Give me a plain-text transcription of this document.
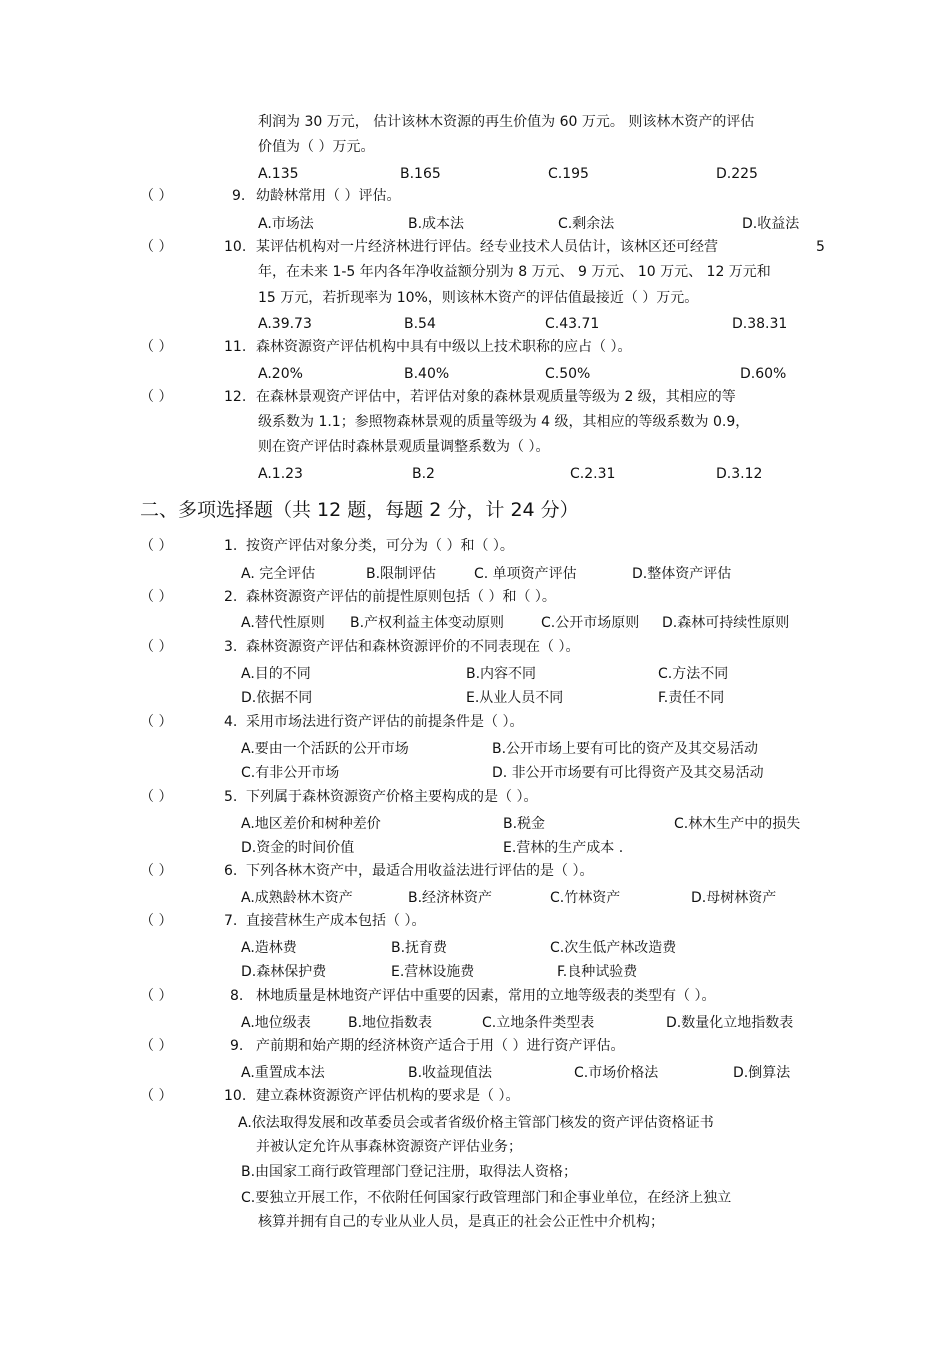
利润为 30 万元， 估计该林木资源的再生价值为 60 万元。 则该林木资产的评估
价值为（ ）万元。
A.135	B.165	C.195	D.225
（ ）	9. 幼龄林常用（ ）评估。
A.市场法	B.成本法	C.剩余法	D.收益法
（ ）	10. 某评估机构对一片经济林进行评估。经专业技术人员估计，该林区还可经营	5
年，在未来 1-5 年内各年净收益额分别为 8 万元、 9 万元、 10 万元、 12 万元和
15 万元，若折现率为 10%，则该林木资产的评估值最接近（ ）万元。
A.39.73	B.54	C.43.71	D.38.31
（ ）	11. 森林资源资产评估机构中具有中级以上技术职称的应占（ ）。
A.20%	B.40%	C.50%	D.60%
（ ）	12. 在森林景观资产评估中，若评估对象的森林景观质量等级为 2 级，其相应的等
级系数为 1.1；参照物森林景观的质量等级为 4 级，其相应的等级系数为 0.9，
则在资产评估时森林景观质量调整系数为（ ）。
A.1.23	B.2	C.2.31	D.3.12
二、多项选择题（共 12 题，每题 2 分，计 24 分）
（ ）	1. 按资产评估对象分类，可分为（ ）和（ ）。
A. 完全评估	B.限制评估	C. 单项资产评估	D.整体资产评估
（ ）	2. 森林资源资产评估的前提性原则包括（ ）和（ ）。
A.替代性原则 B.产权利益主体变动原则	C.公开市场原则 D.森林可持续性原则
（ ）	3. 森林资源资产评估和森林资源评价的不同表现在（ ）。
A.目的不同	B.内容不同	C.方法不同
D.依据不同	E.从业人员不同	F.责任不同
（ ）	4. 采用市场法进行资产评估的前提条件是（ ）。
A.要由一个活跃的公开市场	B.公开市场上要有可比的资产及其交易活动
C.有非公开市场	D. 非公开市场要有可比得资产及其交易活动
（ ）	5. 下列属于森林资源资产价格主要构成的是（ ）。
A.地区差价和树种差价	B.税金	C.林木生产中的损失
D.资金的时间价值	E.营林的生产成本 .
（ ）	6. 下列各林木资产中，最适合用收益法进行评估的是（ ）。
A.成熟龄林木资产	B.经济林资产	C.竹林资产	D.母树林资产
（ ）	7. 直接营林生产成本包括（ ）。
A.造林费	B.抚育费	C.次生低产林改造费
D.森林保护费	E.营林设施费	F.良种试验费
（ ）	8. 林地质量是林地资产评估中重要的因素，常用的立地等级表的类型有（ ）。
A.地位级表	B.地位指数表	C.立地条件类型表	D.数量化立地指数表
（ ）	9. 产前期和始产期的经济林资产适合于用（ ）进行资产评估。
A.重置成本法	B.收益现值法	C.市场价格法	D.倒算法
（ ）	10. 建立森林资源资产评估机构的要求是（ ）。
A.依法取得发展和改革委员会或者省级价格主管部门核发的资产评估资格证书
并被认定允许从事森林资源资产评估业务；
B.由国家工商行政管理部门登记注册，取得法人资格；
C.要独立开展工作，不依附任何国家行政管理部门和企事业单位，在经济上独立
核算并拥有自己的专业从业人员，是真正的社会公正性中介机构；
